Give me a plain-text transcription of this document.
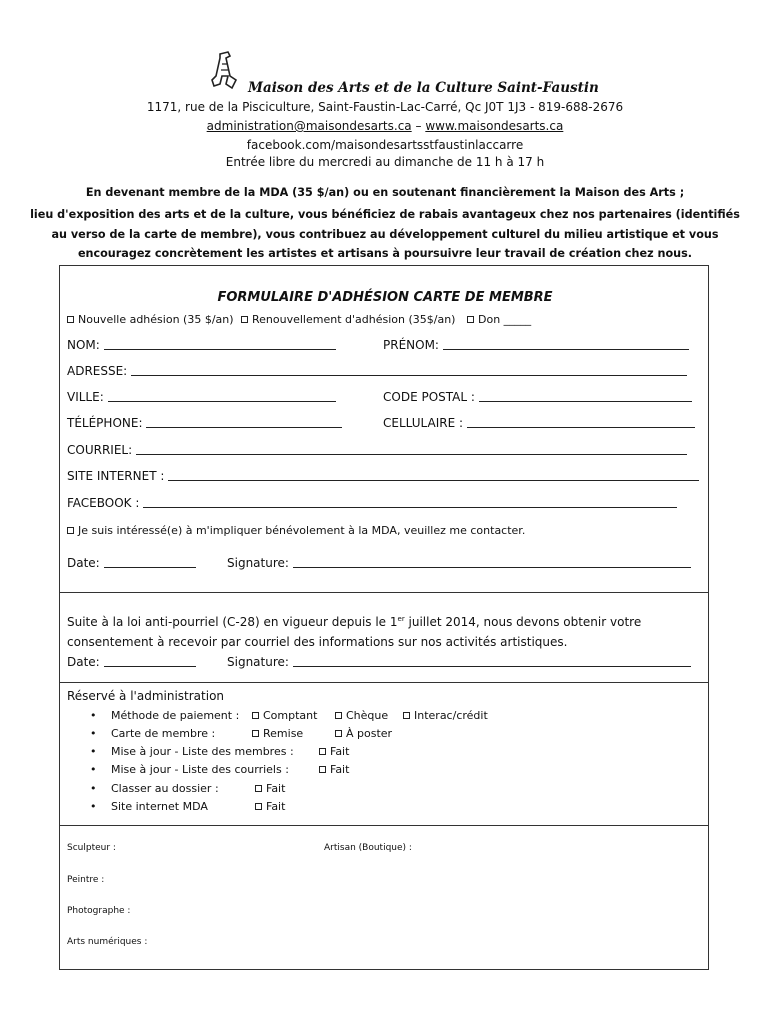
Maison des Arts et de la Culture Saint-Faustin
1171, rue de la Pisciculture, Saint-Faustin-Lac-Carré, Qc J0T 1J3 - 819-688-2676
administration@maisondesarts.ca – www.maisondesarts.ca
facebook.com/maisondesartsstfaustinlaccarre
Entrée libre du mercredi au dimanche de 11 h à 17 h
En devenant membre de la MDA (35 $/an) ou en soutenant financièrement la Maison des Arts ;
lieu d'exposition des arts et de la culture, vous bénéficiez de rabais avantageux chez nos partenaires (identifiés
au verso de la carte de membre), vous contribuez au développement culturel du milieu artistique et vous
encouragez concrètement les artistes et artisans à poursuivre leur travail de création chez nous.
FORMULAIRE D'ADHÉSION CARTE DE MEMBRE
Nouvelle adhésion (35 $/an)	Renouvellement d'adhésion (35$/an)	Don _____
NOM:	PRÉNOM:
ADRESSE:
VILLE:	CODE POSTAL :
TÉLÉPHONE:	CELLULAIRE :
COURRIEL:
SITE INTERNET :
FACEBOOK :
Je suis intéressé(e) à m'impliquer bénévolement à la MDA, veuillez me contacter.
Date:	Signature:
Suite à la loi anti-pourriel (C-28) en vigueur depuis le 1er juillet 2014, nous devons obtenir votre
consentement à recevoir par courriel des informations sur nos activités artistiques.
Date:	Signature:
Réservé à l'administration
• Méthode de paiement :	Comptant	Chèque	Interac/crédit
• Carte de membre :	Remise	À poster
• Mise à jour - Liste des membres :	Fait
• Mise à jour - Liste des courriels :	Fait
• Classer au dossier :	Fait
• Site internet MDA	Fait
Sculpteur :	Artisan (Boutique) :
Peintre :
Photographe :
Arts numériques :
